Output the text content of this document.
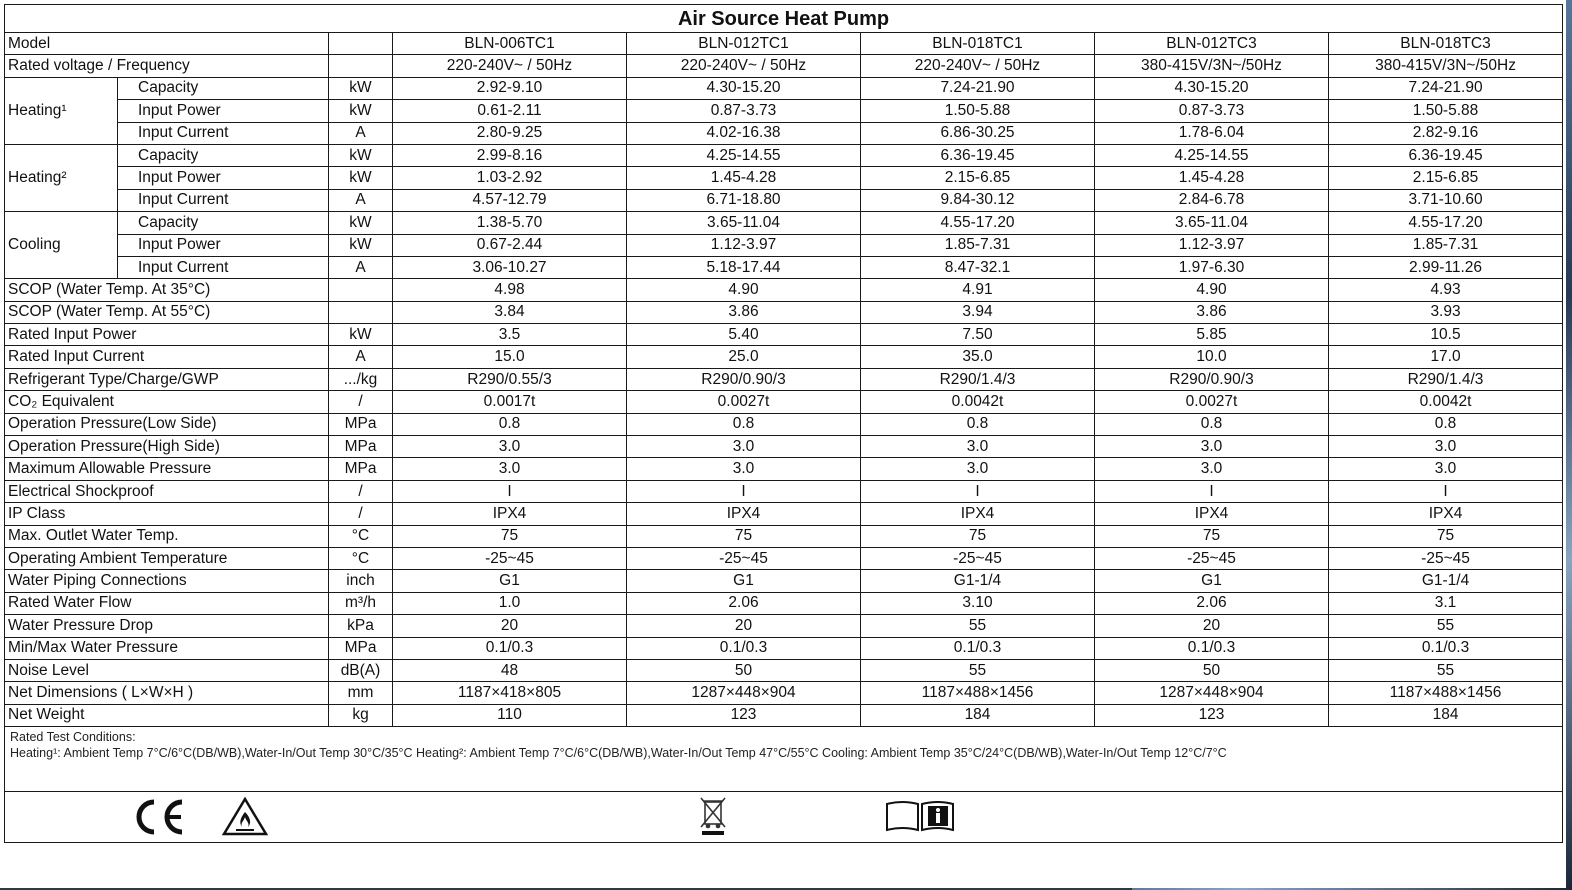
Air Source Heat Pump							
Model			BLN-006TC1	BLN-012TC1	BLN-018TC1	BLN-012TC3	BLN-018TC3
Rated voltage / Frequency			220-240V~ / 50Hz	220-240V~ / 50Hz	220-240V~ / 50Hz	380-415V/3N~/50Hz	380-415V/3N~/50Hz
Heating¹	Capacity	kW	2.92-9.10	4.30-15.20	7.24-21.90	4.30-15.20	7.24-21.90
	Input Power	kW	0.61-2.11	0.87-3.73	1.50-5.88	0.87-3.73	1.50-5.88
	Input Current	A	2.80-9.25	4.02-16.38	6.86-30.25	1.78-6.04	2.82-9.16
Heating²	Capacity	kW	2.99-8.16	4.25-14.55	6.36-19.45	4.25-14.55	6.36-19.45
	Input Power	kW	1.03-2.92	1.45-4.28	2.15-6.85	1.45-4.28	2.15-6.85
	Input Current	A	4.57-12.79	6.71-18.80	9.84-30.12	2.84-6.78	3.71-10.60
Cooling	Capacity	kW	1.38-5.70	3.65-11.04	4.55-17.20	3.65-11.04	4.55-17.20
	Input Power	kW	0.67-2.44	1.12-3.97	1.85-7.31	1.12-3.97	1.85-7.31
	Input Current	A	3.06-10.27	5.18-17.44	8.47-32.1	1.97-6.30	2.99-11.26
SCOP (Water Temp. At 35°C)			4.98	4.90	4.91	4.90	4.93
SCOP (Water Temp. At 55°C)			3.84	3.86	3.94	3.86	3.93
Rated Input Power		kW	3.5	5.40	7.50	5.85	10.5
Rated Input Current		A	15.0	25.0	35.0	10.0	17.0
Refrigerant Type/Charge/GWP		.../kg	R290/0.55/3	R290/0.90/3	R290/1.4/3	R290/0.90/3	R290/1.4/3
CO₂ Equivalent		/	0.0017t	0.0027t	0.0042t	0.0027t	0.0042t
Operation Pressure(Low Side)		MPa	0.8	0.8	0.8	0.8	0.8
Operation Pressure(High Side)		MPa	3.0	3.0	3.0	3.0	3.0
Maximum Allowable Pressure		MPa	3.0	3.0	3.0	3.0	3.0
Electrical Shockproof		/	I	I	I	I	I
IP Class		/	IPX4	IPX4	IPX4	IPX4	IPX4
Max. Outlet Water Temp.		°C	75	75	75	75	75
Operating Ambient Temperature		°C	-25~45	-25~45	-25~45	-25~45	-25~45
Water Piping Connections		inch	G1	G1	G1-1/4	G1	G1-1/4
Rated Water Flow		m³/h	1.0	2.06	3.10	2.06	3.1
Water Pressure Drop		kPa	20	20	55	20	55
Min/Max Water Pressure		MPa	0.1/0.3	0.1/0.3	0.1/0.3	0.1/0.3	0.1/0.3
Noise Level		dB(A)	48	50	55	50	55
Net Dimensions ( L×W×H )		mm	1187×418×805	1287×448×904	1187×488×1456	1287×448×904	1187×488×1456
Net Weight		kg	110	123	184	123	184

Rated Test Conditions:
Heating¹: Ambient Temp 7°C/6°C(DB/WB),Water-In/Out Temp 30°C/35°C Heating²: Ambient Temp 7°C/6°C(DB/WB),Water-In/Out Temp 47°C/55°C Cooling: Ambient Temp 35°C/24°C(DB/WB),Water-In/Out Temp 12°C/7°C							
